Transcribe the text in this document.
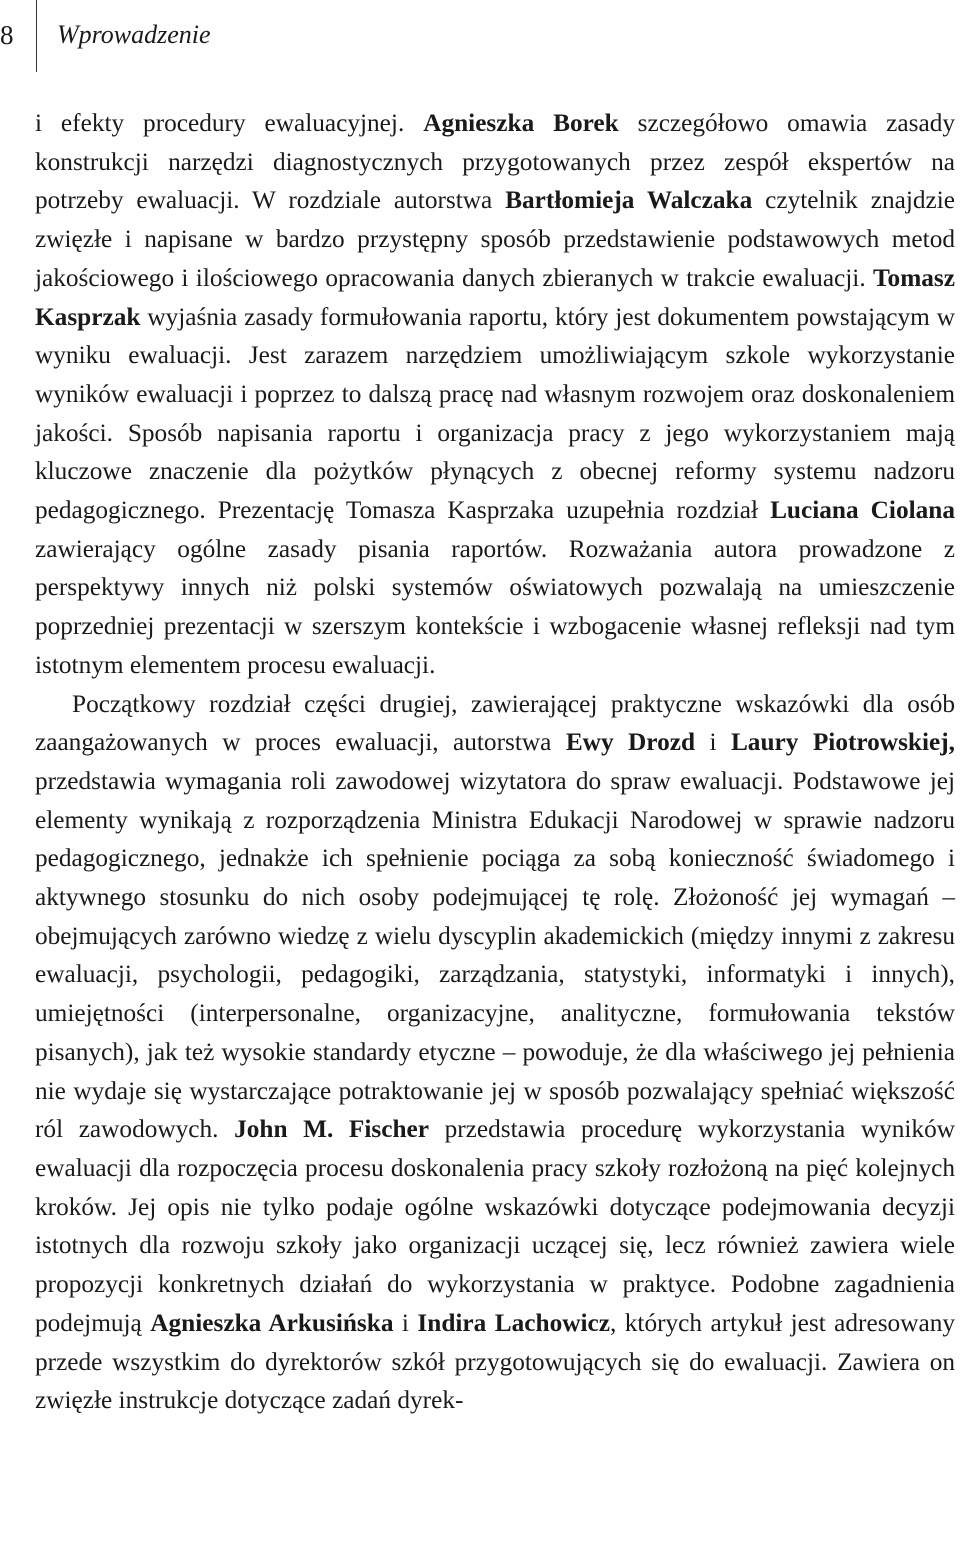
8 Wprowadzenie

i efekty procedury ewaluacyjnej. Agnieszka Borek szczegółowo omawia zasady konstrukcji narzędzi diagnostycznych przygotowanych przez zespół ekspertów na potrzeby ewaluacji. W rozdziale autorstwa Bartłomieja Walczaka czytelnik znajdzie zwięzłe i napisane w bardzo przystępny sposób przedstawienie podstawowych metod jakościowego i ilościowego opracowania danych zbieranych w trakcie ewaluacji. Tomasz Kasprzak wyjaśnia zasady formułowania raportu, który jest dokumentem powstającym w wyniku ewaluacji. Jest zarazem narzędziem umożliwiającym szkole wykorzystanie wyników ewaluacji i poprzez to dalszą pracę nad własnym rozwojem oraz doskonaleniem jakości. Sposób napisania raportu i organizacja pracy z jego wykorzystaniem mają kluczowe znaczenie dla pożytków płynących z obecnej reformy systemu nadzoru pedagogicznego. Prezentację Tomasza Kasprzaka uzupełnia rozdział Luciana Ciolana zawierający ogólne zasady pisania raportów. Rozważania autora prowadzone z perspektywy innych niż polski systemów oświatowych pozwalają na umieszczenie poprzedniej prezentacji w szerszym kontekście i wzbogacenie własnej refleksji nad tym istotnym elementem procesu ewaluacji.

Początkowy rozdział części drugiej, zawierającej praktyczne wskazówki dla osób zaangażowanych w proces ewaluacji, autorstwa Ewy Drozd i Laury Piotrowskiej, przedstawia wymagania roli zawodowej wizytatora do spraw ewaluacji. Podstawowe jej elementy wynikają z rozporządzenia Ministra Edukacji Narodowej w sprawie nadzoru pedagogicznego, jednakże ich spełnienie pociąga za sobą konieczność świadomego i aktywnego stosunku do nich osoby podejmującej tę rolę. Złożoność jej wymagań – obejmujących zarówno wiedzę z wielu dyscyplin akademickich (między innymi z zakresu ewaluacji, psychologii, pedagogiki, zarządzania, statystyki, informatyki i innych), umiejętności (interpersonalne, organizacyjne, analityczne, formułowania tekstów pisanych), jak też wysokie standardy etyczne – powoduje, że dla właściwego jej pełnienia nie wydaje się wystarczające potraktowanie jej w sposób pozwalający spełniać większość ról zawodowych. John M. Fischer przedstawia procedurę wykorzystania wyników ewaluacji dla rozpoczęcia procesu doskonalenia pracy szkoły rozłożoną na pięć kolejnych kroków. Jej opis nie tylko podaje ogólne wskazówki dotyczące podejmowania decyzji istotnych dla rozwoju szkoły jako organizacji uczącej się, lecz również zawiera wiele propozycji konkretnych działań do wykorzystania w praktyce. Podobne zagadnienia podejmują Agnieszka Arkusińska i Indira Lachowicz, których artykuł jest adresowany przede wszystkim do dyrektorów szkół przygotowujących się do ewaluacji. Zawiera on zwięzłe instrukcje dotyczące zadań dyrek-
